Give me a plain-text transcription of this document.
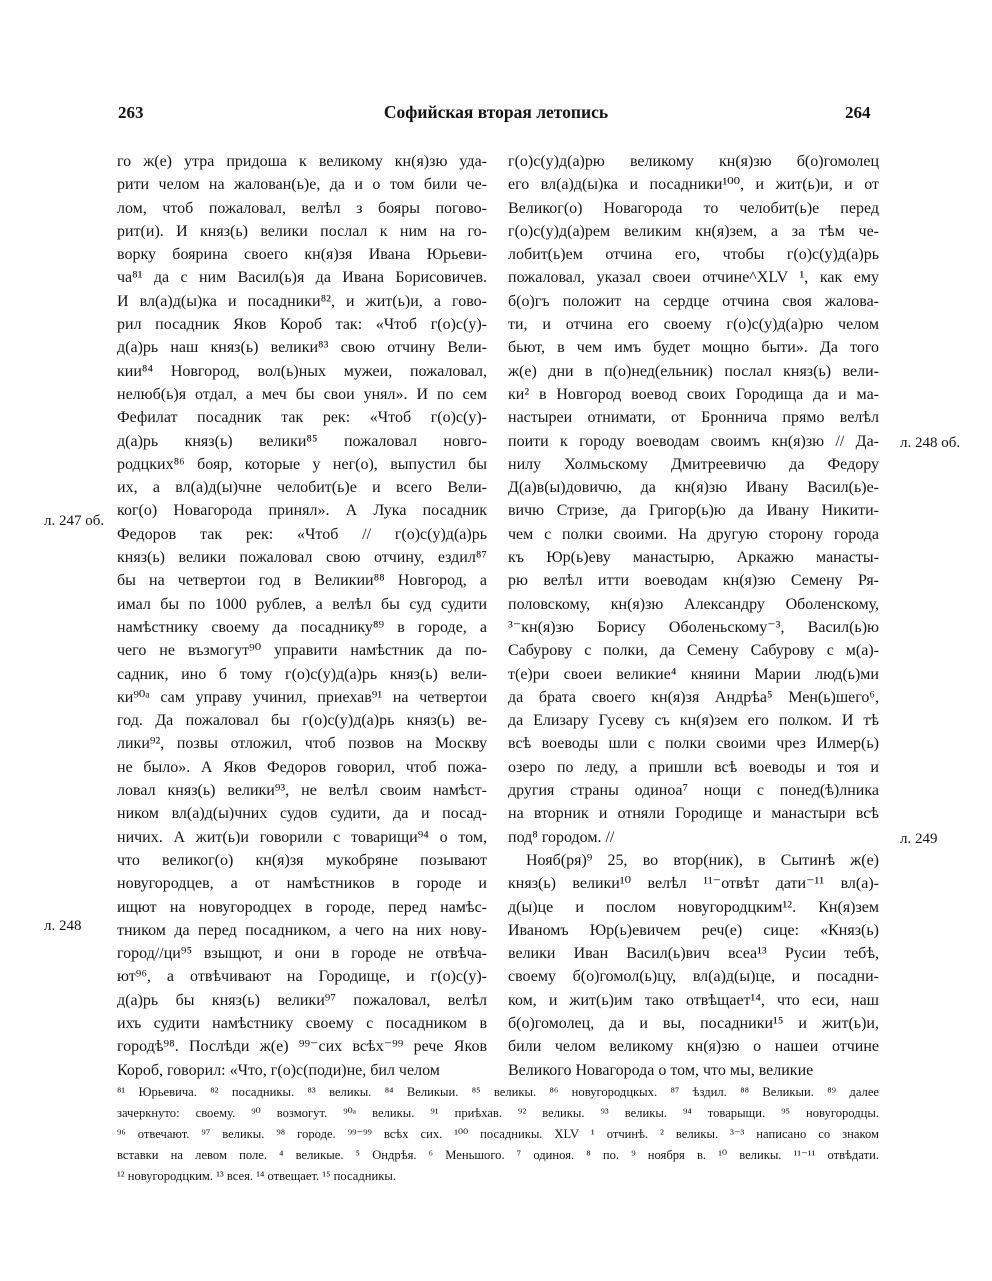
263	Софийская вторая летопись	264
л. 247 об.
л. 248
л. 248 об.
л. 249
го ж(е) утра придоша к великому кн(я)зю уда-
рити челом на жалован(ь)е, да и о том били че-
лом, чтоб пожаловал, велѣл з бояры погово-
рит(и). И княз(ь) велики послал к ним на го-
ворку боярина своего кн(я)зя Ивана Юрьеви-
ча⁸¹ да с ним Васил(ь)я да Ивана Борисовичев.
И вл(а)д(ы)ка и посадники⁸², и жит(ь)и, а гово-
рил посадник Яков Короб так: «Чтоб г(о)с(у)-
д(а)рь наш княз(ь) велики⁸³ свою отчину Вели-
кии⁸⁴ Новгород, вол(ь)ных мужеи, пожаловал,
нелюб(ь)я отдал, а меч бы свои унял». И по сем
Фефилат посадник так рек: «Чтоб г(о)с(у)-
д(а)рь княз(ь) велики⁸⁵ пожаловал новго-
родцких⁸⁶ бояр, которые у нег(о), выпустил бы
их, а вл(а)д(ы)чне челобит(ь)е и всего Вели-
ког(о) Новагорода принял». А Лука посадник
Федоров так рек: «Чтоб // г(о)с(у)д(а)рь
княз(ь) велики пожаловал свою отчину, ездил⁸⁷
бы на четвертои год в Великии⁸⁸ Новгород, а
имал бы по 1000 рублев, а велѣл бы суд судити
намѣстнику своему да посаднику⁸⁹ в городе, а
чего не възмогут⁹⁰ управити намѣстник да по-
садник, ино б тому г(о)с(у)д(а)рь княз(ь) вели-
ки⁹⁰ᵃ сам управу учинил, приехав⁹¹ на четвертои
год. Да пожаловал бы г(о)с(у)д(а)рь княз(ь) ве-
лики⁹², позвы отложил, чтоб позвов на Москву
не было». А Яков Федоров говорил, чтоб пожа-
ловал княз(ь) велики⁹³, не велѣл своим намѣст-
ником вл(а)д(ы)чних судов судити, да и посад-
ничих. А жит(ь)и говорили с товарищи⁹⁴ о том,
что великог(о) кн(я)зя мукобряне позывают
новугородцев, а от намѣстников в городе и
ищют на новугородцех в городе, перед намѣс-
тником да перед посадником, а чего на них нову-
город//ци⁹⁵ взыщют, и они в городе не отвѣча-
ют⁹⁶, а отвѣчивают на Городище, и г(о)с(у)-
д(а)рь бы княз(ь) велики⁹⁷ пожаловал, велѣл
ихъ судити намѣстнику своему с посадником в
городѣ⁹⁸. Послѣди ж(е) ⁹⁹⁻сих всѣх⁻⁹⁹ рече Яков
Короб, говорил: «Что, г(о)с(поди)не, бил челом
г(о)с(у)д(а)рю великому кн(я)зю б(о)гомолец
его вл(а)д(ы)ка и посадники¹⁰⁰, и жит(ь)и, и от
Великог(о) Новагорода то челобит(ь)е перед
г(о)с(у)д(а)рем великим кн(я)зем, а за тѣм че-
лобит(ь)ем отчина его, чтобы г(о)с(у)д(а)рь
пожаловал, указал своеи отчине^XLV ¹, как ему
б(о)гъ положит на сердце отчина своя жалова-
ти, и отчина его своему г(о)с(у)д(а)рю челом
бьют, в чем имъ будет мощно быти». Да того
ж(е) дни в п(о)нед(ельник) послал княз(ь) вели-
ки² в Новгород воевод своих Городища да и ма-
настыреи отнимати, от Броннича прямо велѣл
поити к городу воеводам своимъ кн(я)зю // Да-
нилу Холмьскому Дмитреевичю да Федору
Д(а)в(ы)довичю, да кн(я)зю Ивану Васил(ь)е-
вичю Стризе, да Григор(ь)ю да Ивану Никити-
чем с полки своими. На другую сторону города
къ Юр(ь)еву манастырю, Аркажю манасты-
рю велѣл итти воеводам кн(я)зю Семену Ря-
половскому, кн(я)зю Александру Оболенскому,
³⁻кн(я)зю Борису Оболеньскому⁻³, Васил(ь)ю
Сабурову с полки, да Семену Сабурову с м(а)-
т(е)ри своеи великие⁴ княини Марии люд(ь)ми
да брата своего кн(я)зя Андрѣа⁵ Мен(ь)шего⁶,
да Елизару Гусеву съ кн(я)зем его полком. И тѣ
всѣ воеводы шли с полки своими чрез Илмер(ь)
озеро по леду, а пришли всѣ воеводы и тоя и
другия страны одиноа⁷ нощи с понед(ѣ)лника
на вторник и отняли Городище и манастыри всѣ
под⁸ городом. //
Нояб(ря)⁹ 25, во втор(ник), в Сытинѣ ж(е)
княз(ь) велики¹⁰ велѣл ¹¹⁻отвѣт дати⁻¹¹ вл(а)-
д(ы)це и послом новугородцким¹². Кн(я)зем
Иваномъ Юр(ь)евичем реч(е) сице: «Княз(ь)
велики Иван Васил(ь)вич всеа¹³ Русии тебѣ,
своему б(о)гомол(ь)цу, вл(а)д(ы)це, и посадни-
ком, и жит(ь)им тако отвѣщает¹⁴, что еси, наш
б(о)гомолец, да и вы, посадники¹⁵ и жит(ь)и,
били челом великому кн(я)зю о нашеи отчине
Великого Новагорода о том, что мы, великие
⁸¹ Юрьевича. ⁸² посадникы. ⁸³ великы. ⁸⁴ Великыи. ⁸⁵ великы. ⁸⁶ новугородцкых. ⁸⁷ ѣздил. ⁸⁸ Великыи. ⁸⁹ далее
зачеркнуто: своему. ⁹⁰ возмогут. ⁹⁰ᵃ великы. ⁹¹ приѣхав. ⁹² великы. ⁹³ великы. ⁹⁴ товарыщи. ⁹⁵ новугородцы.
⁹⁶ отвечают. ⁹⁷ великы. ⁹⁸ городе. ⁹⁹⁻⁹⁹ всѣх сих. ¹⁰⁰ посадникы. XLV ¹ отчинѣ. ² великы. ³⁻³ написано со знаком
вставки на левом поле. ⁴ великые. ⁵ Ондрѣя. ⁶ Меньшого. ⁷ одиноя. ⁸ по. ⁹ ноября в. ¹⁰ великы. ¹¹⁻¹¹ отвѣдати.
¹² новугородцким. ¹³ всея. ¹⁴ отвещает. ¹⁵ посадникы.
